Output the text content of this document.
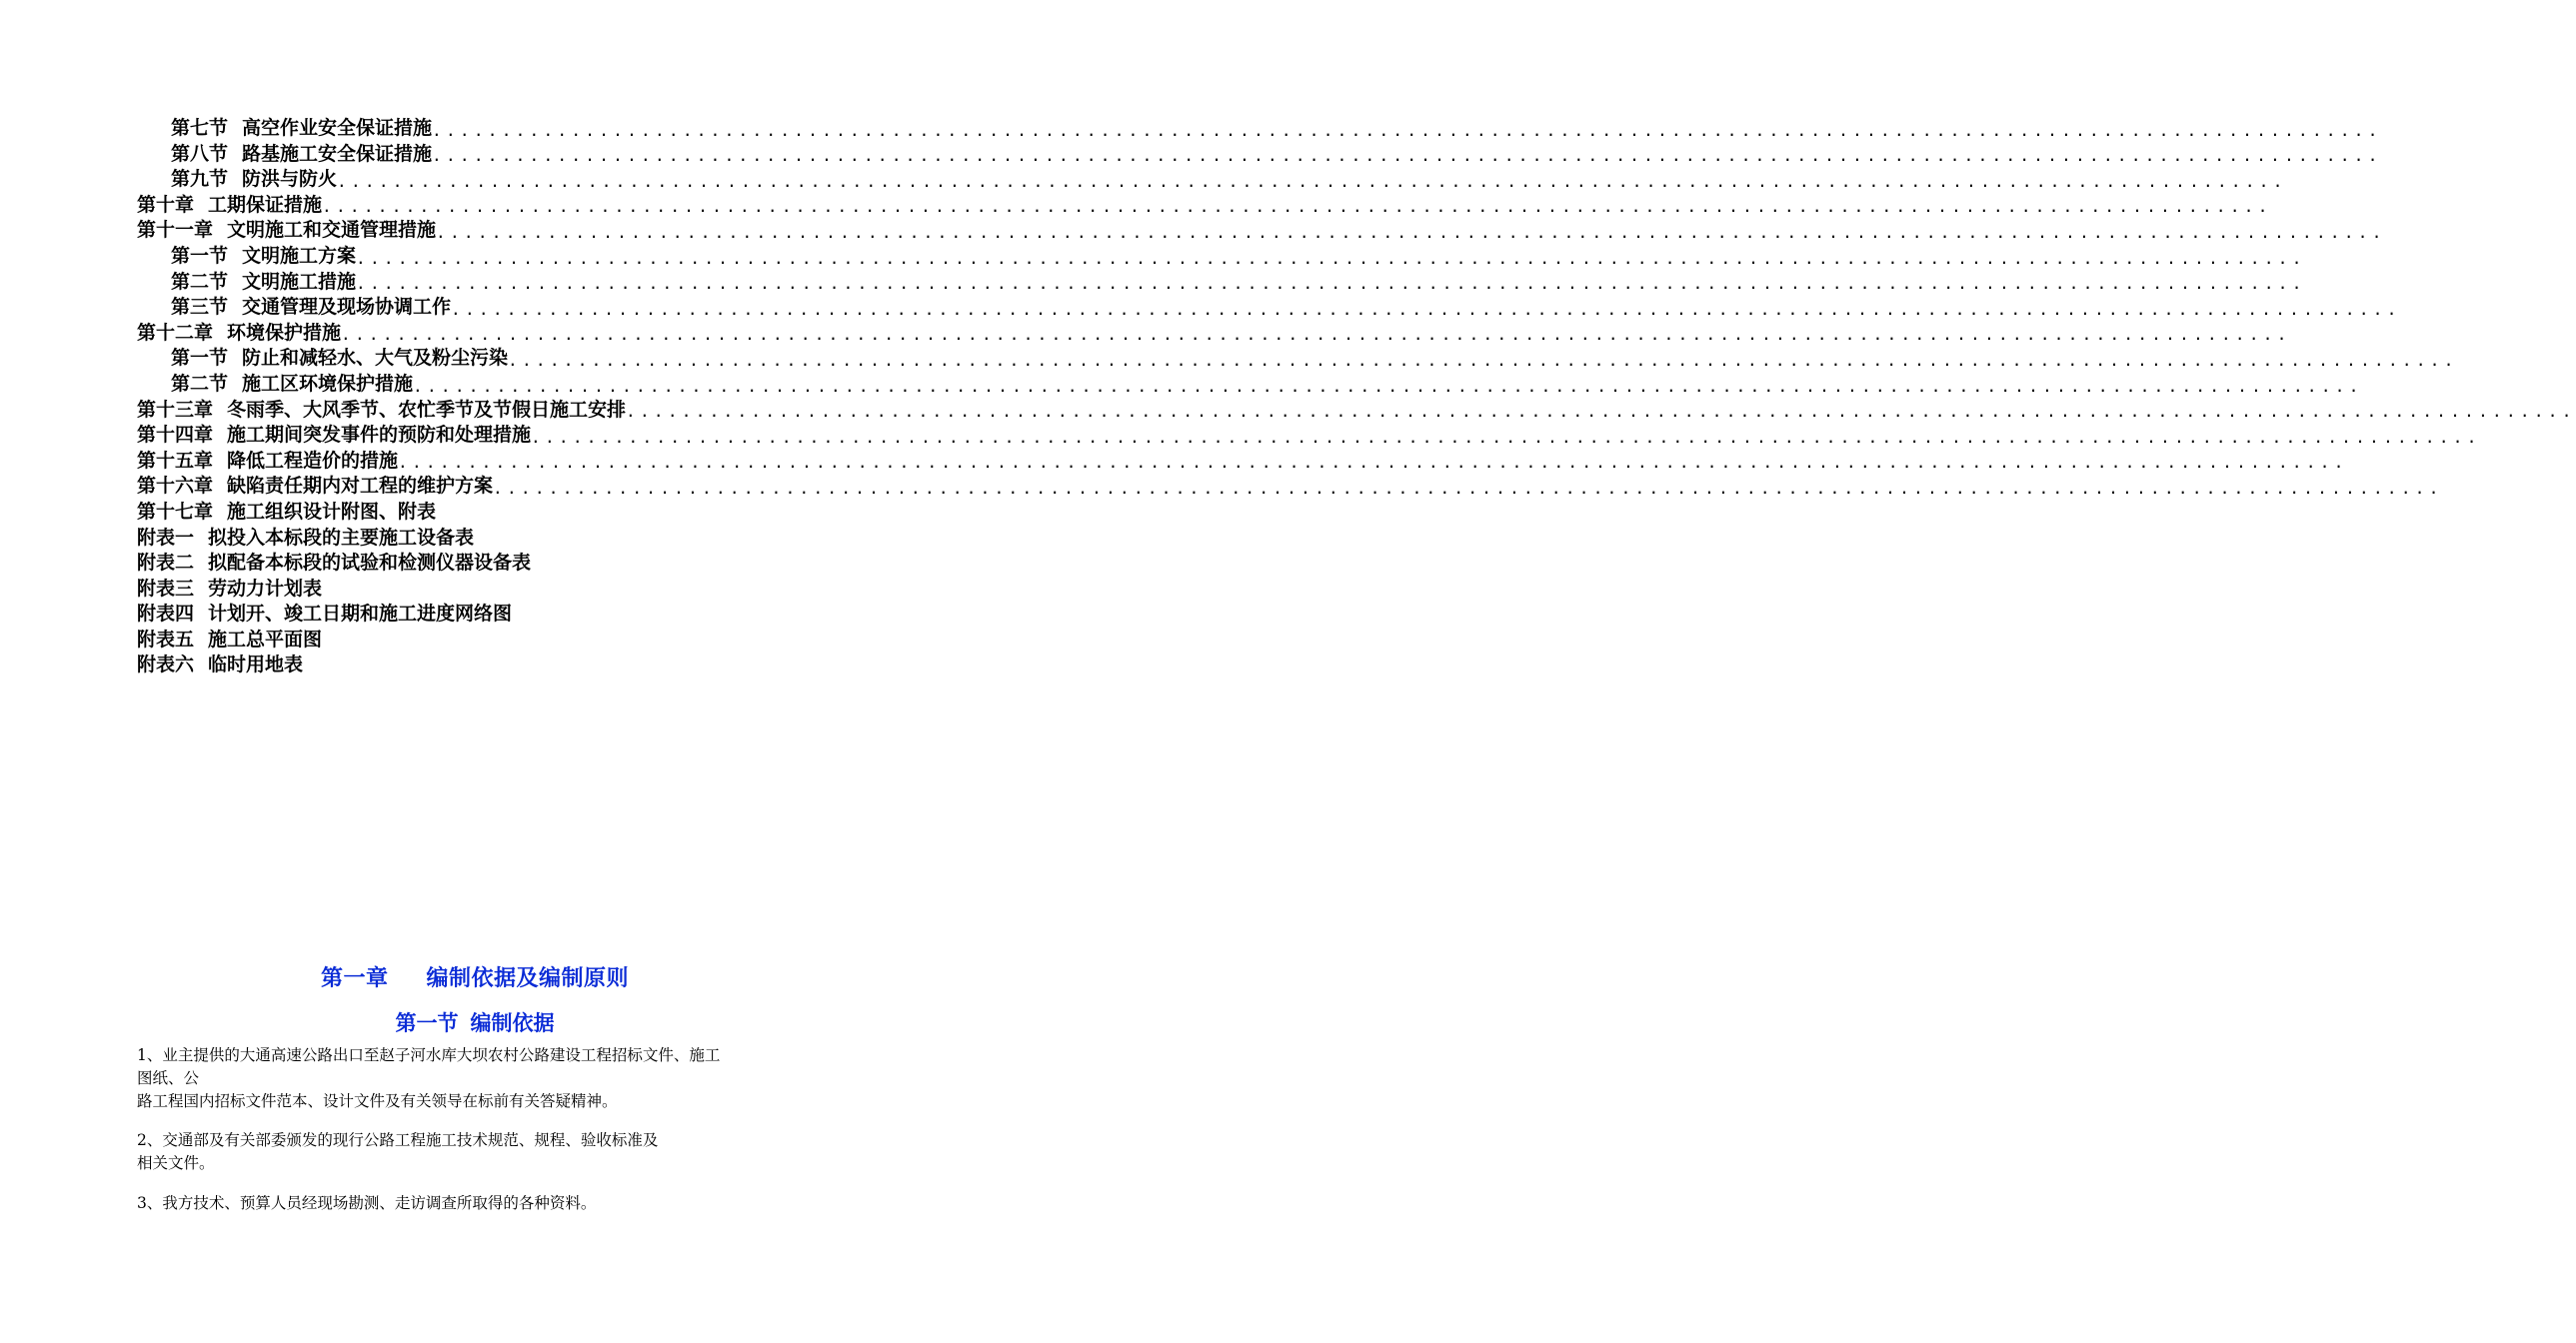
第七节 高空作业安全保证措施 ............................................................................................................................................
第八节 路基施工安全保证措施 ............................................................................................................................................
第九节 防洪与防火 ............................................................................................................................................
第十章 工期保证措施 ............................................................................................................................................
第十一章 文明施工和交通管理措施 ............................................................................................................................................
第一节 文明施工方案 ............................................................................................................................................
第二节 文明施工措施 ............................................................................................................................................
第三节 交通管理及现场协调工作 ............................................................................................................................................
第十二章 环境保护措施 ............................................................................................................................................
第一节 防止和减轻水、大气及粉尘污染 ............................................................................................................................................
第二节 施工区环境保护措施 ............................................................................................................................................
第十三章 冬雨季、大风季节、农忙季节及节假日施工安排 ............................................................................................................................................
第十四章 施工期间突发事件的预防和处理措施 ............................................................................................................................................
第十五章 降低工程造价的措施 ............................................................................................................................................
第十六章 缺陷责任期内对工程的维护方案 ............................................................................................................................................
第十七章 施工组织设计附图、附表
附表一 拟投入本标段的主要施工设备表
附表二 拟配备本标段的试验和检测仪器设备表
附表三 劳动力计划表
附表四 计划开、竣工日期和施工进度网络图
附表五 施工总平面图
附表六 临时用地表
第一章 编制依据及编制原则
第一节 编制依据
1、业主提供的大通高速公路出口至赵子河水库大坝农村公路建设工程招标文件、施工
图纸、公
路工程国内招标文件范本、设计文件及有关领导在标前有关答疑精神。
2、交通部及有关部委颁发的现行公路工程施工技术规范、规程、验收标准及
相关文件。
3、我方技术、预算人员经现场勘测、走访调查所取得的各种资料。
